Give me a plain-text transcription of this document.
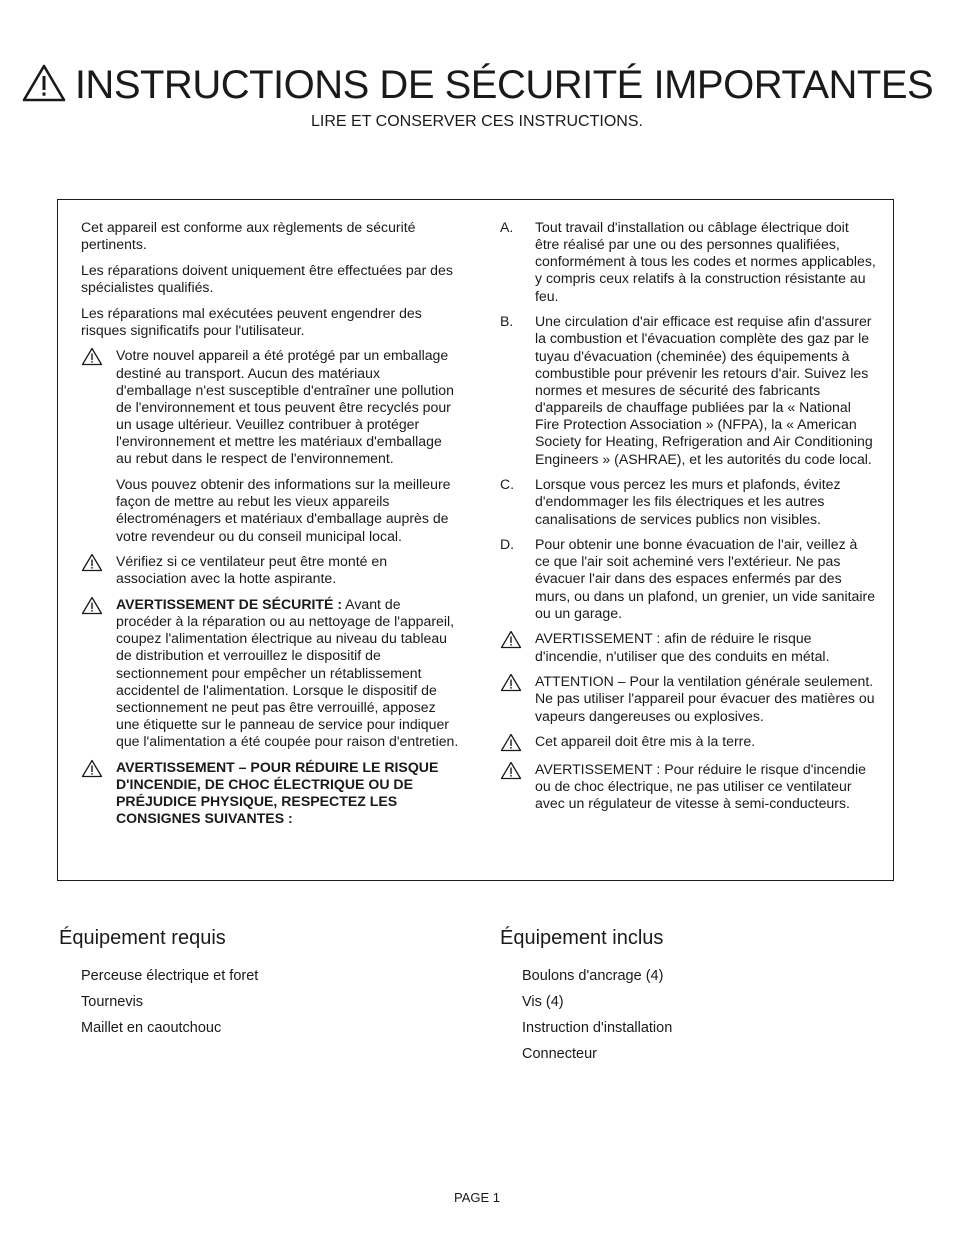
INSTRUCTIONS DE SÉCURITÉ IMPORTANTES
LIRE ET CONSERVER CES INSTRUCTIONS.

Cet appareil est conforme aux règlements de sécurité pertinents.

Les réparations doivent uniquement être effectuées par des spécialistes qualifiés.

Les réparations mal exécutées peuvent engendrer des risques significatifs pour l'utilisateur.

Votre nouvel appareil a été protégé par un emballage destiné au transport. Aucun des matériaux d'emballage n'est susceptible d'entraîner une pollution de l'environnement et tous peuvent être recyclés pour un usage ultérieur. Veuillez contribuer à protéger l'environnement et mettre les matériaux d'emballage au rebut dans le respect de l'environnement.

Vous pouvez obtenir des informations sur la meilleure façon de mettre au rebut les vieux appareils électroménagers et matériaux d'emballage auprès de votre revendeur ou du conseil municipal local.

Vérifiez si ce ventilateur peut être monté en association avec la hotte aspirante.
AVERTISSEMENT DE SÉCURITÉ : Avant de procéder à la réparation ou au nettoyage de l'appareil, coupez l'alimentation électrique au niveau du tableau de distribution et verrouillez le dispositif de sectionnement pour empêcher un rétablissement accidentel de l'alimentation. Lorsque le dispositif de sectionnement ne peut pas être verrouillé, apposez une étiquette sur le panneau de service pour indiquer que l'alimentation a été coupée pour raison d'entretien.
AVERTISSEMENT – POUR RÉDUIRE LE RISQUE D'INCENDIE, DE CHOC ÉLECTRIQUE OU DE PRÉJUDICE PHYSIQUE, RESPECTEZ LES CONSIGNES SUIVANTES :
A.	Tout travail d'installation ou câblage électrique doit être réalisé par une ou des personnes qualifiées, conformément à tous les codes et normes applicables, y compris ceux relatifs à la construction résistante au feu.
B.	Une circulation d'air efficace est requise afin d'assurer la combustion et l'évacuation complète des gaz par le tuyau d'évacuation (cheminée) des équipements à combustible pour prévenir les retours d'air. Suivez les normes et mesures de sécurité des fabricants d'appareils de chauffage publiées par la « National Fire Protection Association » (NFPA), la « American Society for Heating, Refrigeration and Air Conditioning Engineers » (ASHRAE), et les autorités du code local.
C.	Lorsque vous percez les murs et plafonds, évitez d'endommager les fils électriques et les autres canalisations de services publics non visibles.
D.	Pour obtenir une bonne évacuation de l'air, veillez à ce que l'air soit acheminé vers l'extérieur. Ne pas évacuer l'air dans des espaces enfermés par des murs, ou dans un plafond, un grenier, un vide sanitaire ou un garage.
AVERTISSEMENT : afin de réduire le risque d'incendie, n'utiliser que des conduits en métal.
ATTENTION – Pour la ventilation générale seulement. Ne pas utiliser l'appareil pour évacuer des matières ou vapeurs dangereuses ou explosives.
Cet appareil doit être mis à la terre.
AVERTISSEMENT : Pour réduire le risque d'incendie ou de choc électrique, ne pas utiliser ce ventilateur avec un régulateur de vitesse à semi-conducteurs.
Équipement requis
Perceuse électrique et foret
Tournevis
Maillet en caoutchouc
Équipement inclus
Boulons d'ancrage (4)
Vis (4)
Instruction d'installation
Connecteur
PAGE 1
